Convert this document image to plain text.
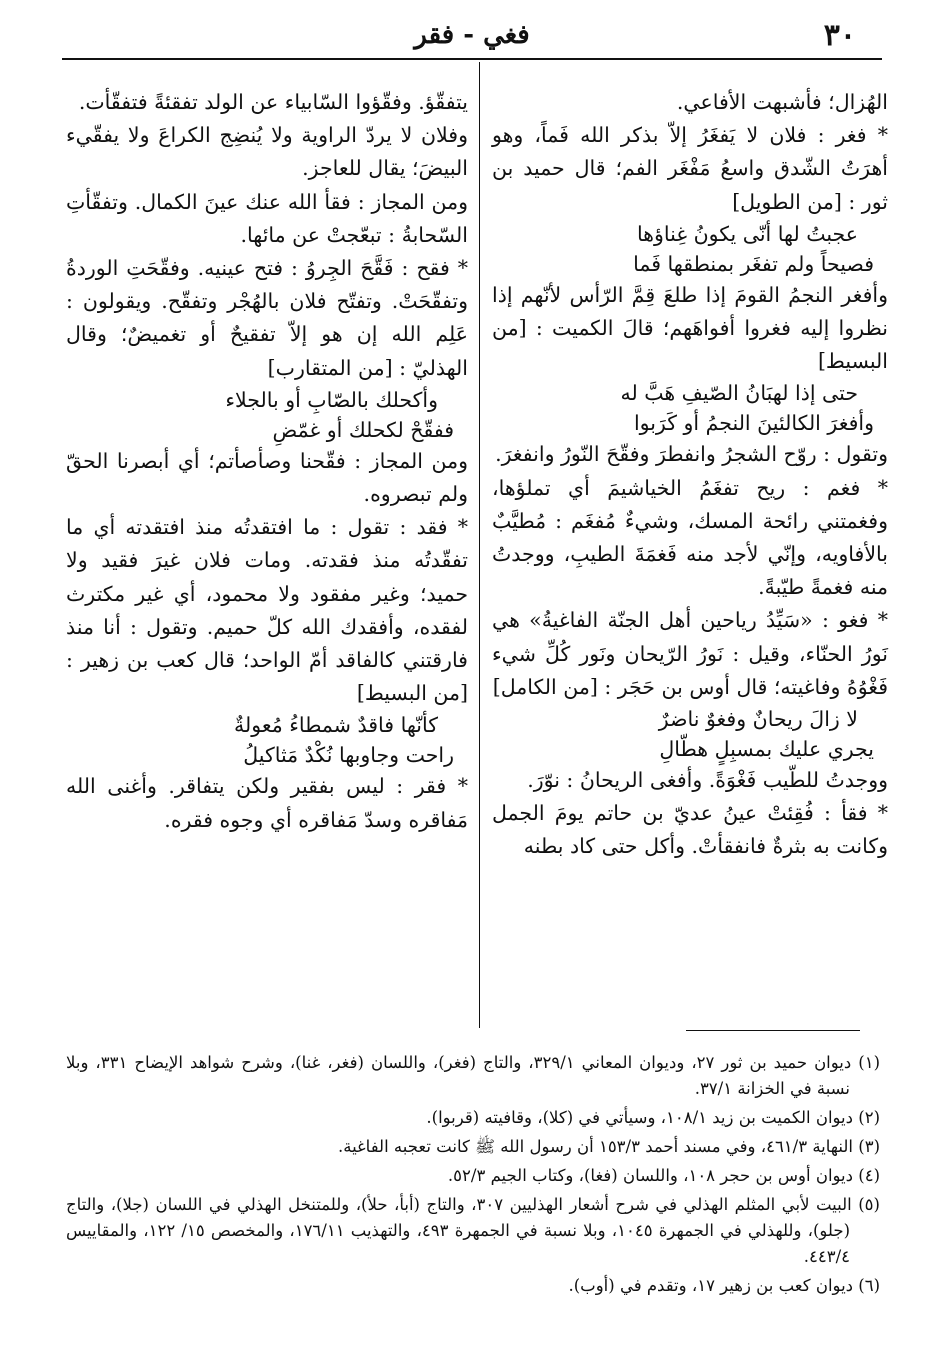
٣٠
فغي - فقر

الهُزال؛ فأشبهت الأفاعي.

* فغر : فلان لا يَفغَرُ إلاّ بذكر الله فَماً، وهو أهرَتُ الشّدق واسعُ مَفْغَر الفم؛ قال حميد بن ثور : [من الطويل]

عجبتُ لها أنّى يكونُ غِناؤها

فصيحاً ولم تفغَر بمنطقها فَما

وأفغر النجمُ القومَ إذا طلعَ قِمَّ الرّأس لأنّهم إذا نظروا إليه فغروا أفواهَهم؛ قالَ الكميت : [من البسيط]

حتى إذا لهبَانُ الصّيفِ هَبَّ له

وأفغرَ الكالئينَ النجمُ أو كَرَبوا

وتقول : روّح الشجرُ وانفطرَ وفقّحَ النّورُ وانفغرَ.

* فغم : ريح تفغَمُ الخياشيمَ أي تملؤها، وفغمتني رائحة المسك، وشيءٌ مُفغَم : مُطيَّبٌ بالأفاويه، وإنّي لأجد منه فَغمَةَ الطيبِ، ووجدتُ منه فغمةً طيّبةً.

* فغو : «سَيِّدُ رياحين أهل الجنّة الفاغيةُ» هي نَورُ الحنّاء، وقيل : نَورُ الرّيحان ونَور كُلِّ شيء فَغْوُهُ وفاغيته؛ قال أوس بن حَجَر : [من الكامل]

لا زالَ ريحانٌ وفغوٌ ناضرٌ

يجري عليك بمسبِلٍ هطّالِ

ووجدتُ للطّيب فَغْوَةً. وأفغى الريحانُ : نوّرَ.

* فقأ : فُقِئتْ عينُ عديّ بن حاتم يومَ الجمل وكانت به بثرةٌ فانفقأتْ. وأكل حتى كاد بطنه

يتفقّؤ. وفقّؤوا السّابياء عن الولد تفقئةً فتفقّأت.

وفلان لا يردّ الراوية ولا يُنضِج الكراعَ ولا يفقّيء البيضَ؛ يقال للعاجز.

ومن المجاز : فقأ الله عنك عينَ الكمال. وتفقّأتِ السّحابةُ : تبعّجتْ عن مائها.

* فقح : فَقَّحَ الجِروُ : فتح عينيه. وفقّحَتِ الوردةُ وتفقّحَتْ. وتفتّح فلان بالهُجْر وتفقّح. ويقولون : عَلِم الله إن هو إلاّ تفقيحٌ أو تغميضٌ؛ وقال الهذليّ : [من المتقارب]

وأكحلك بالصّابِ أو بالجلاء

ففقّحْ لكحلك أو غمّضِ

ومن المجاز : فقّحنا وصأصأتم؛ أي أبصرنا الحقّ ولم تبصروه.

* فقد : تقول : ما افتقدتُه منذ افتقدته أي ما تفقّدتُه منذ فقدته. ومات فلان غيرَ فقيد ولا حميد؛ وغير مفقود ولا محمود، أي غير مكترث لفقده، وأفقدك الله كلّ حميم. وتقول : أنا منذ فارقتني كالفاقد أمّ الواحد؛ قال كعب بن زهير : [من البسيط]

كأنّها فاقدٌ شمطاءُ مُعولةٌ

راحت وجاوبها نُكْدٌ مَثاكيلُ

* فقر : ليس بفقير ولكن يتفاقر. وأغنى الله مَفاقره وسدّ مَفاقره أي وجوه فقره.

(١) ديوان حميد بن ثور ٢٧، وديوان المعاني ٣٢٩/١، والتاج (فغر)، واللسان (فغر، غنا)، وشرح شواهد الإيضاح ٣٣١، وبلا نسبة في الخزانة ٣٧/١.

(٢) ديوان الكميت بن زيد ١٠٨/١، وسيأتي في (كلا)، وقافيته (قربوا).

(٣) النهاية ٤٦١/٣، وفي مسند أحمد ١٥٣/٣ أن رسول الله ﷺ كانت تعجبه الفاغية.

(٤) ديوان أوس بن حجر ١٠٨، واللسان (فغا)، وكتاب الجيم ٥٢/٣.

(٥) البيت لأبي المثلم الهذلي في شرح أشعار الهذليين ٣٠٧، والتاج (أبأ، حلأ)، وللمتنخل الهذلي في اللسان (جلا)، والتاج (جلو)، وللهذلي في الجمهرة ١٠٤٥، وبلا نسبة في الجمهرة ٤٩٣، والتهذيب ١٧٦/١١، والمخصص ١٥/ ١٢٢، والمقاييس ٤٤٣/٤.

(٦) ديوان كعب بن زهير ١٧، وتقدم في (أوب).
